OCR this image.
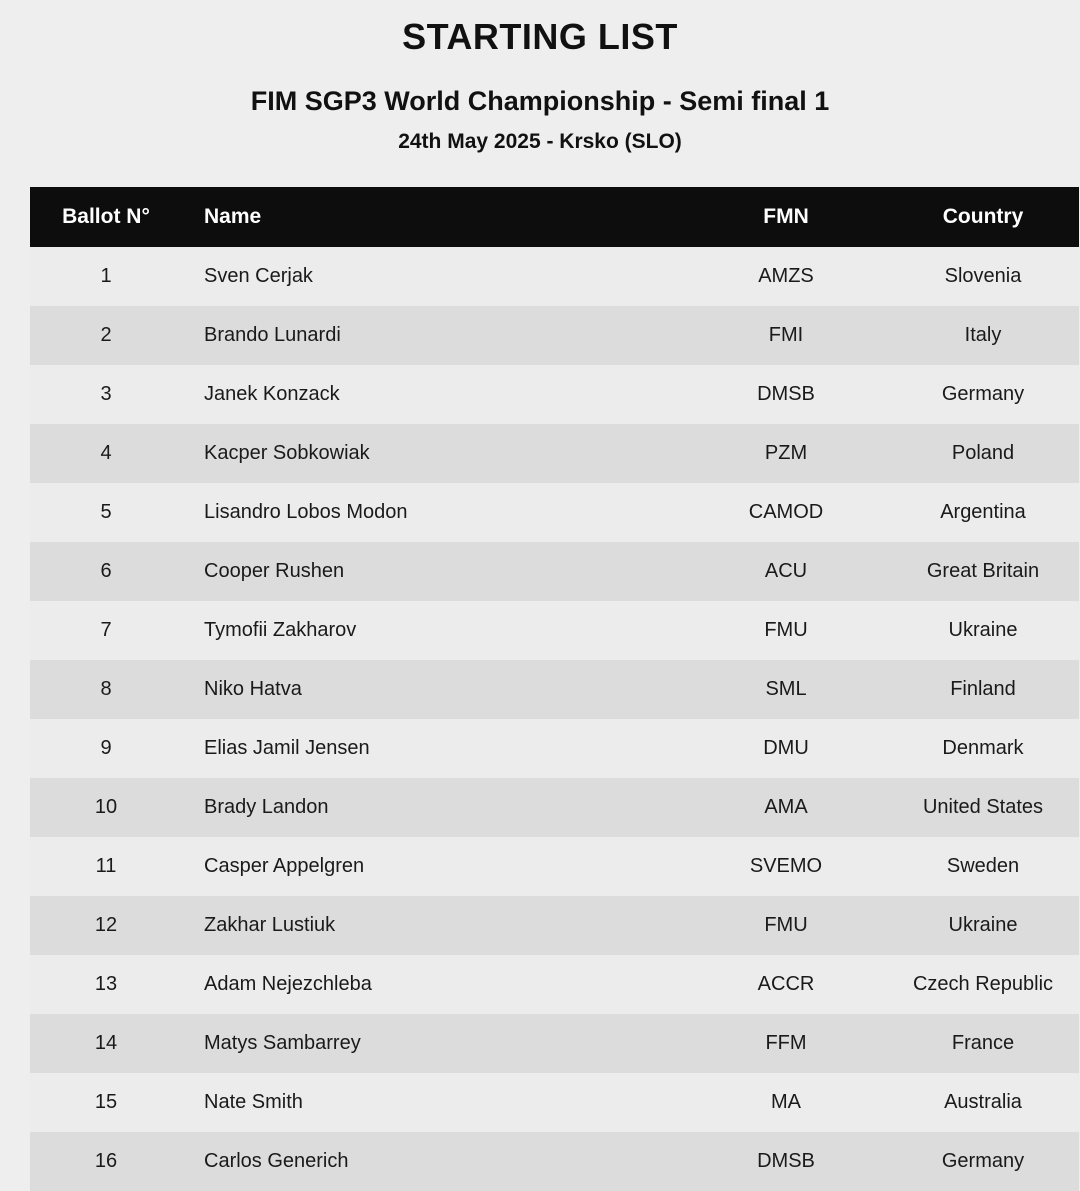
STARTING LIST
FIM SGP3 World Championship - Semi final 1
24th May 2025 - Krsko (SLO)
Ballot N°	Name	FMN	Country
1	Sven Cerjak	AMZS	Slovenia
2	Brando Lunardi	FMI	Italy
3	Janek Konzack	DMSB	Germany
4	Kacper Sobkowiak	PZM	Poland
5	Lisandro Lobos Modon	CAMOD	Argentina
6	Cooper Rushen	ACU	Great Britain
7	Tymofii Zakharov	FMU	Ukraine
8	Niko Hatva	SML	Finland
9	Elias Jamil Jensen	DMU	Denmark
10	Brady Landon	AMA	United States
11	Casper Appelgren	SVEMO	Sweden
12	Zakhar Lustiuk	FMU	Ukraine
13	Adam Nejezchleba	ACCR	Czech Republic
14	Matys Sambarrey	FFM	France
15	Nate Smith	MA	Australia
16	Carlos Generich	DMSB	Germany
